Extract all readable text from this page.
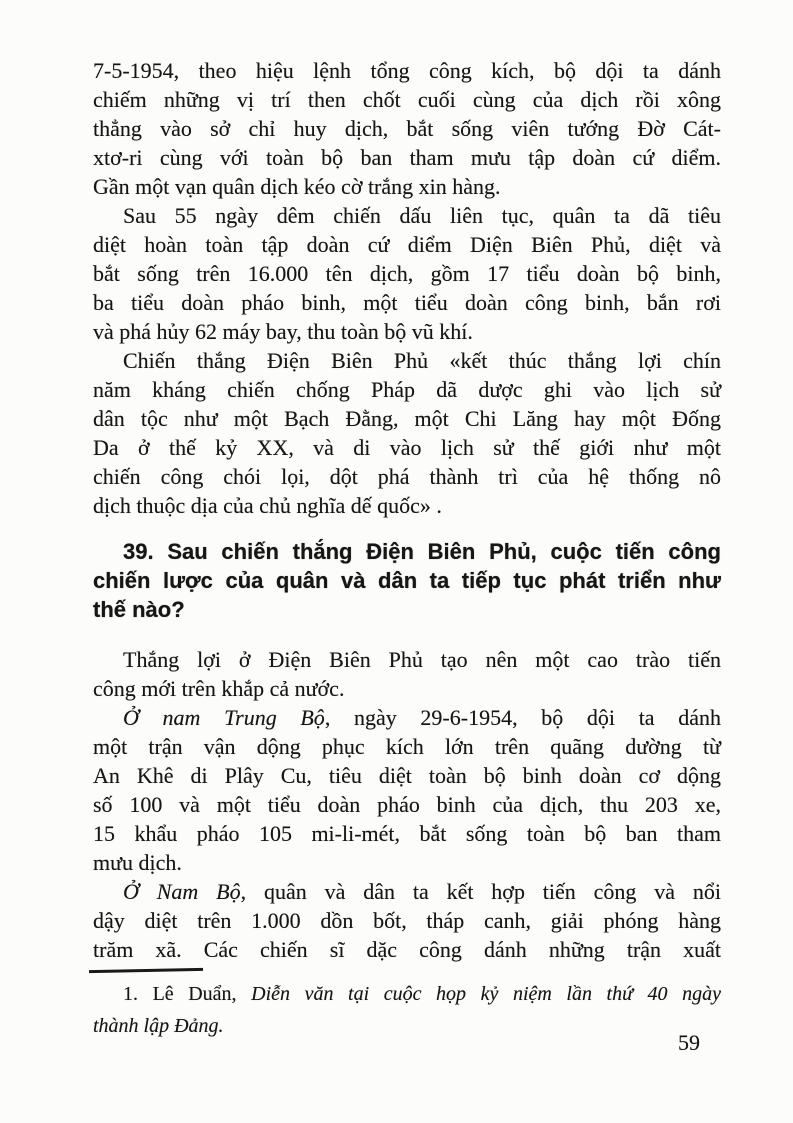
7-5-1954, theo hiệu lệnh tổng công kích, bộ dội ta dánh
chiếm những vị trí then chốt cuối cùng của dịch rồi xông
thẳng vào sở chỉ huy dịch, bắt sống viên tướng Đờ Cát-
xtơ-ri cùng với toàn bộ ban tham mưu tập doàn cứ diểm.
Gần một vạn quân dịch kéo cờ trắng xin hàng.
Sau 55 ngày dêm chiến dấu liên tục, quân ta dã tiêu
diệt hoàn toàn tập doàn cứ diểm Diện Biên Phủ, diệt và
bắt sống trên 16.000 tên dịch, gồm 17 tiểu doàn bộ binh,
ba tiểu doàn pháo binh, một tiểu doàn công binh, bắn rơi
và phá hủy 62 máy bay, thu toàn bộ vũ khí.
Chiến thắng Điện Biên Phủ «kết thúc thắng lợi chín
năm kháng chiến chống Pháp dã dược ghi vào lịch sử
dân tộc như một Bạch Đằng, một Chi Lăng hay một Đống
Da ở thế kỷ XX, và di vào lịch sử thế giới như một
chiến công chói lọi, dột phá thành trì của hệ thống nô
dịch thuộc dịa của chủ nghĩa dế quốc» .
39. Sau chiến thắng Điện Biên Phủ, cuộc tiến công
chiến lược của quân và dân ta tiếp tục phát triển như
thế nào?
Thắng lợi ở Điện Biên Phủ tạo nên một cao trào tiến
công mới trên khắp cả nước.
Ở nam Trung Bộ, ngày 29-6-1954, bộ dội ta dánh
một trận vận dộng phục kích lớn trên quãng dường từ
An Khê di Plây Cu, tiêu diệt toàn bộ binh doàn cơ dộng
số 100 và một tiểu doàn pháo binh của dịch, thu 203 xe,
15 khẩu pháo 105 mi-li-mét, bắt sống toàn bộ ban tham
mưu dịch.
Ở Nam Bộ, quân và dân ta kết hợp tiến công và nổi
dậy diệt trên 1.000 dồn bốt, tháp canh, giải phóng hàng
trăm xã. Các chiến sĩ dặc công dánh những trận xuất
1. Lê Duẩn, Diễn văn tại cuộc họp kỷ niệm lần thứ 40 ngày
thành lập Đảng.
59
